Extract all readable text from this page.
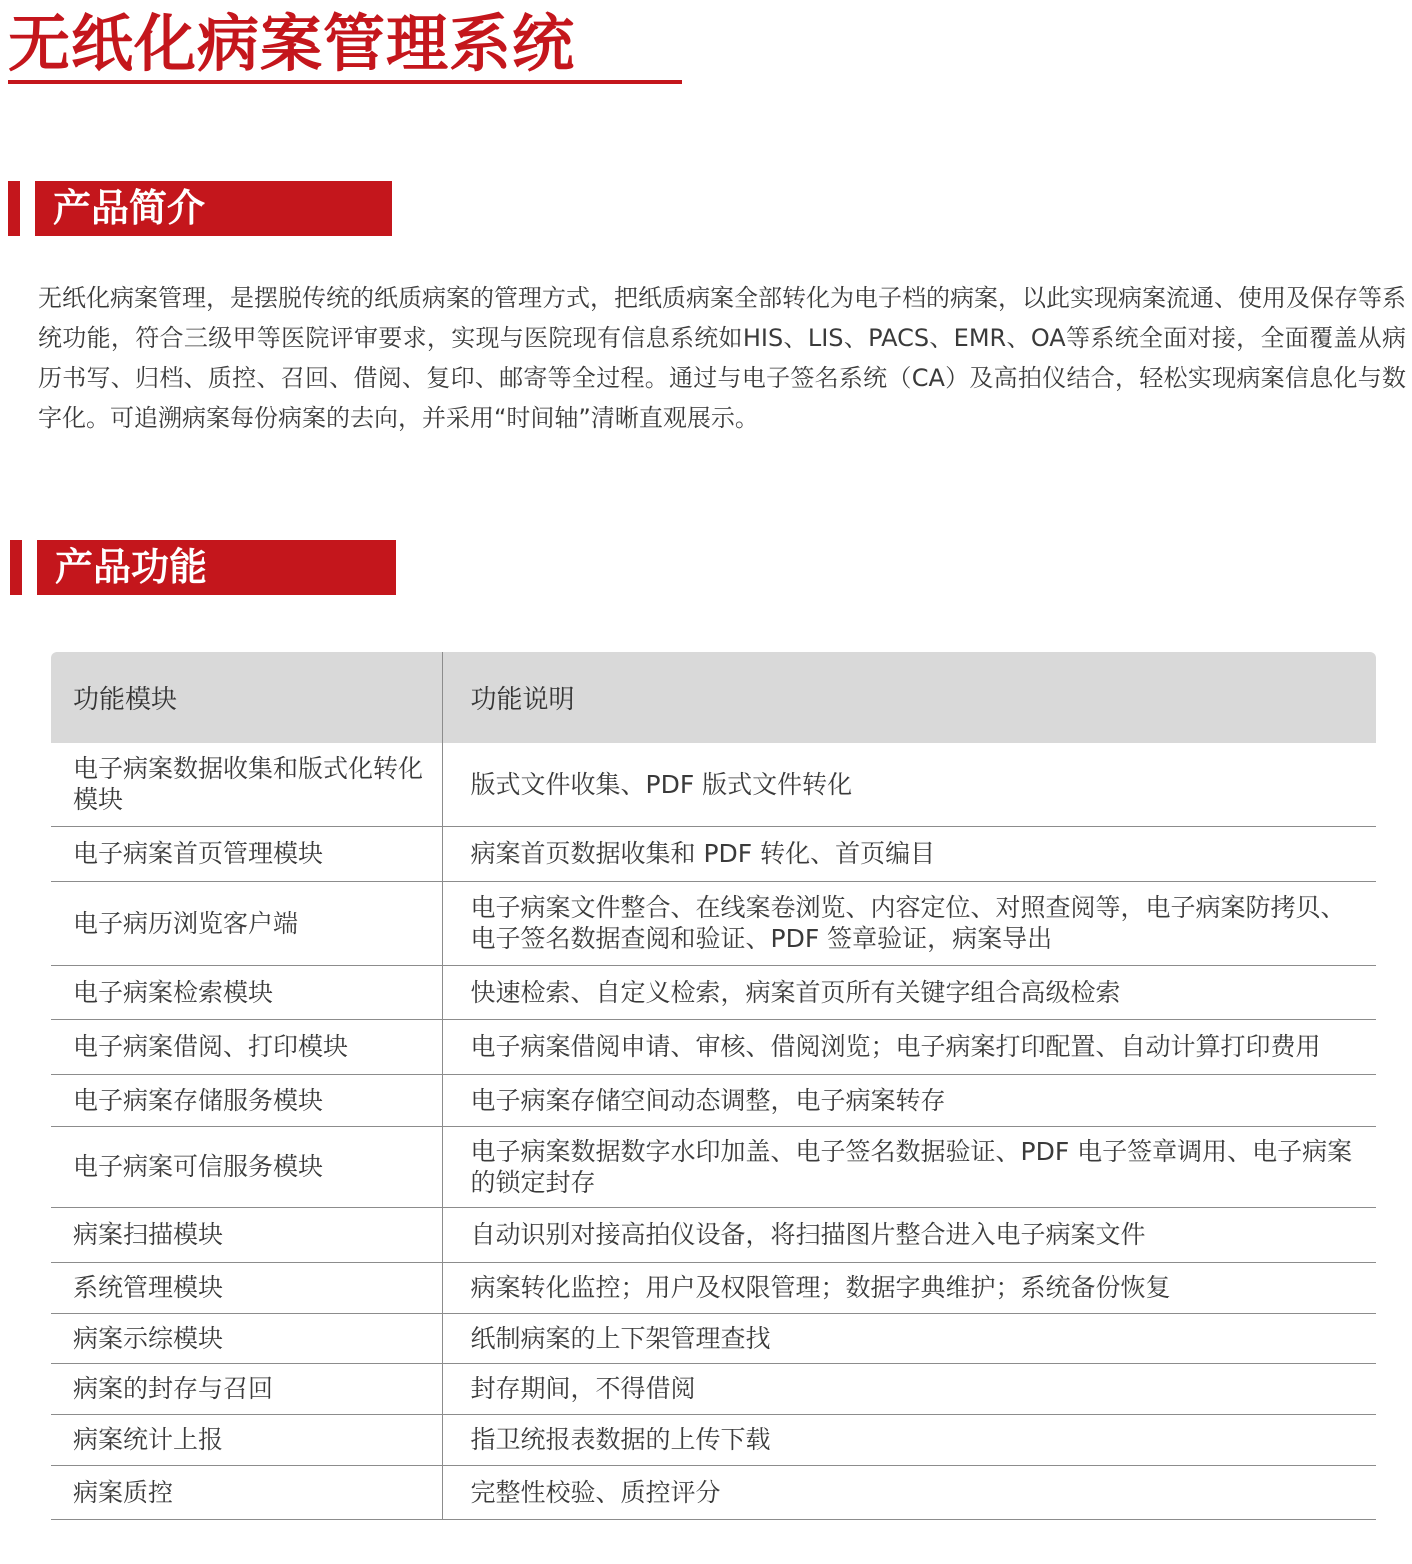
无纸化病案管理系统
产品简介

无纸化病案管理，是摆脱传统的纸质病案的管理方式，把纸质病案全部转化为电子档的病案，以此实现病案流通、使用及保存等系统功能，符合三级甲等医院评审要求，实现与医院现有信息系统如HIS、LIS、PACS、EMR、OA等系统全面对接，全面覆盖从病历书写、归档、质控、召回、借阅、复印、邮寄等全过程。通过与电子签名系统（CA）及高拍仪结合，轻松实现病案信息化与数字化。可追溯病案每份病案的去向，并采用“时间轴”清晰直观展示。

产品功能
功能模块	功能说明
电子病案数据收集和版式化转化模块	版式文件收集、PDF 版式文件转化
电子病案首页管理模块	病案首页数据收集和 PDF 转化、首页编目
电子病历浏览客户端	电子病案文件整合、在线案卷浏览、内容定位、对照查阅等，电子病案防拷贝、电子签名数据查阅和验证、PDF 签章验证，病案导出
电子病案检索模块	快速检索、自定义检索，病案首页所有关键字组合高级检索
电子病案借阅、打印模块	电子病案借阅申请、审核、借阅浏览；电子病案打印配置、自动计算打印费用
电子病案存储服务模块	电子病案存储空间动态调整，电子病案转存
电子病案可信服务模块	电子病案数据数字水印加盖、电子签名数据验证、PDF 电子签章调用、电子病案的锁定封存
病案扫描模块	自动识别对接高拍仪设备，将扫描图片整合进入电子病案文件
系统管理模块	病案转化监控；用户及权限管理；数据字典维护；系统备份恢复
病案示综模块	纸制病案的上下架管理查找
病案的封存与召回	封存期间，不得借阅
病案统计上报	指卫统报表数据的上传下载
病案质控	完整性校验、质控评分
